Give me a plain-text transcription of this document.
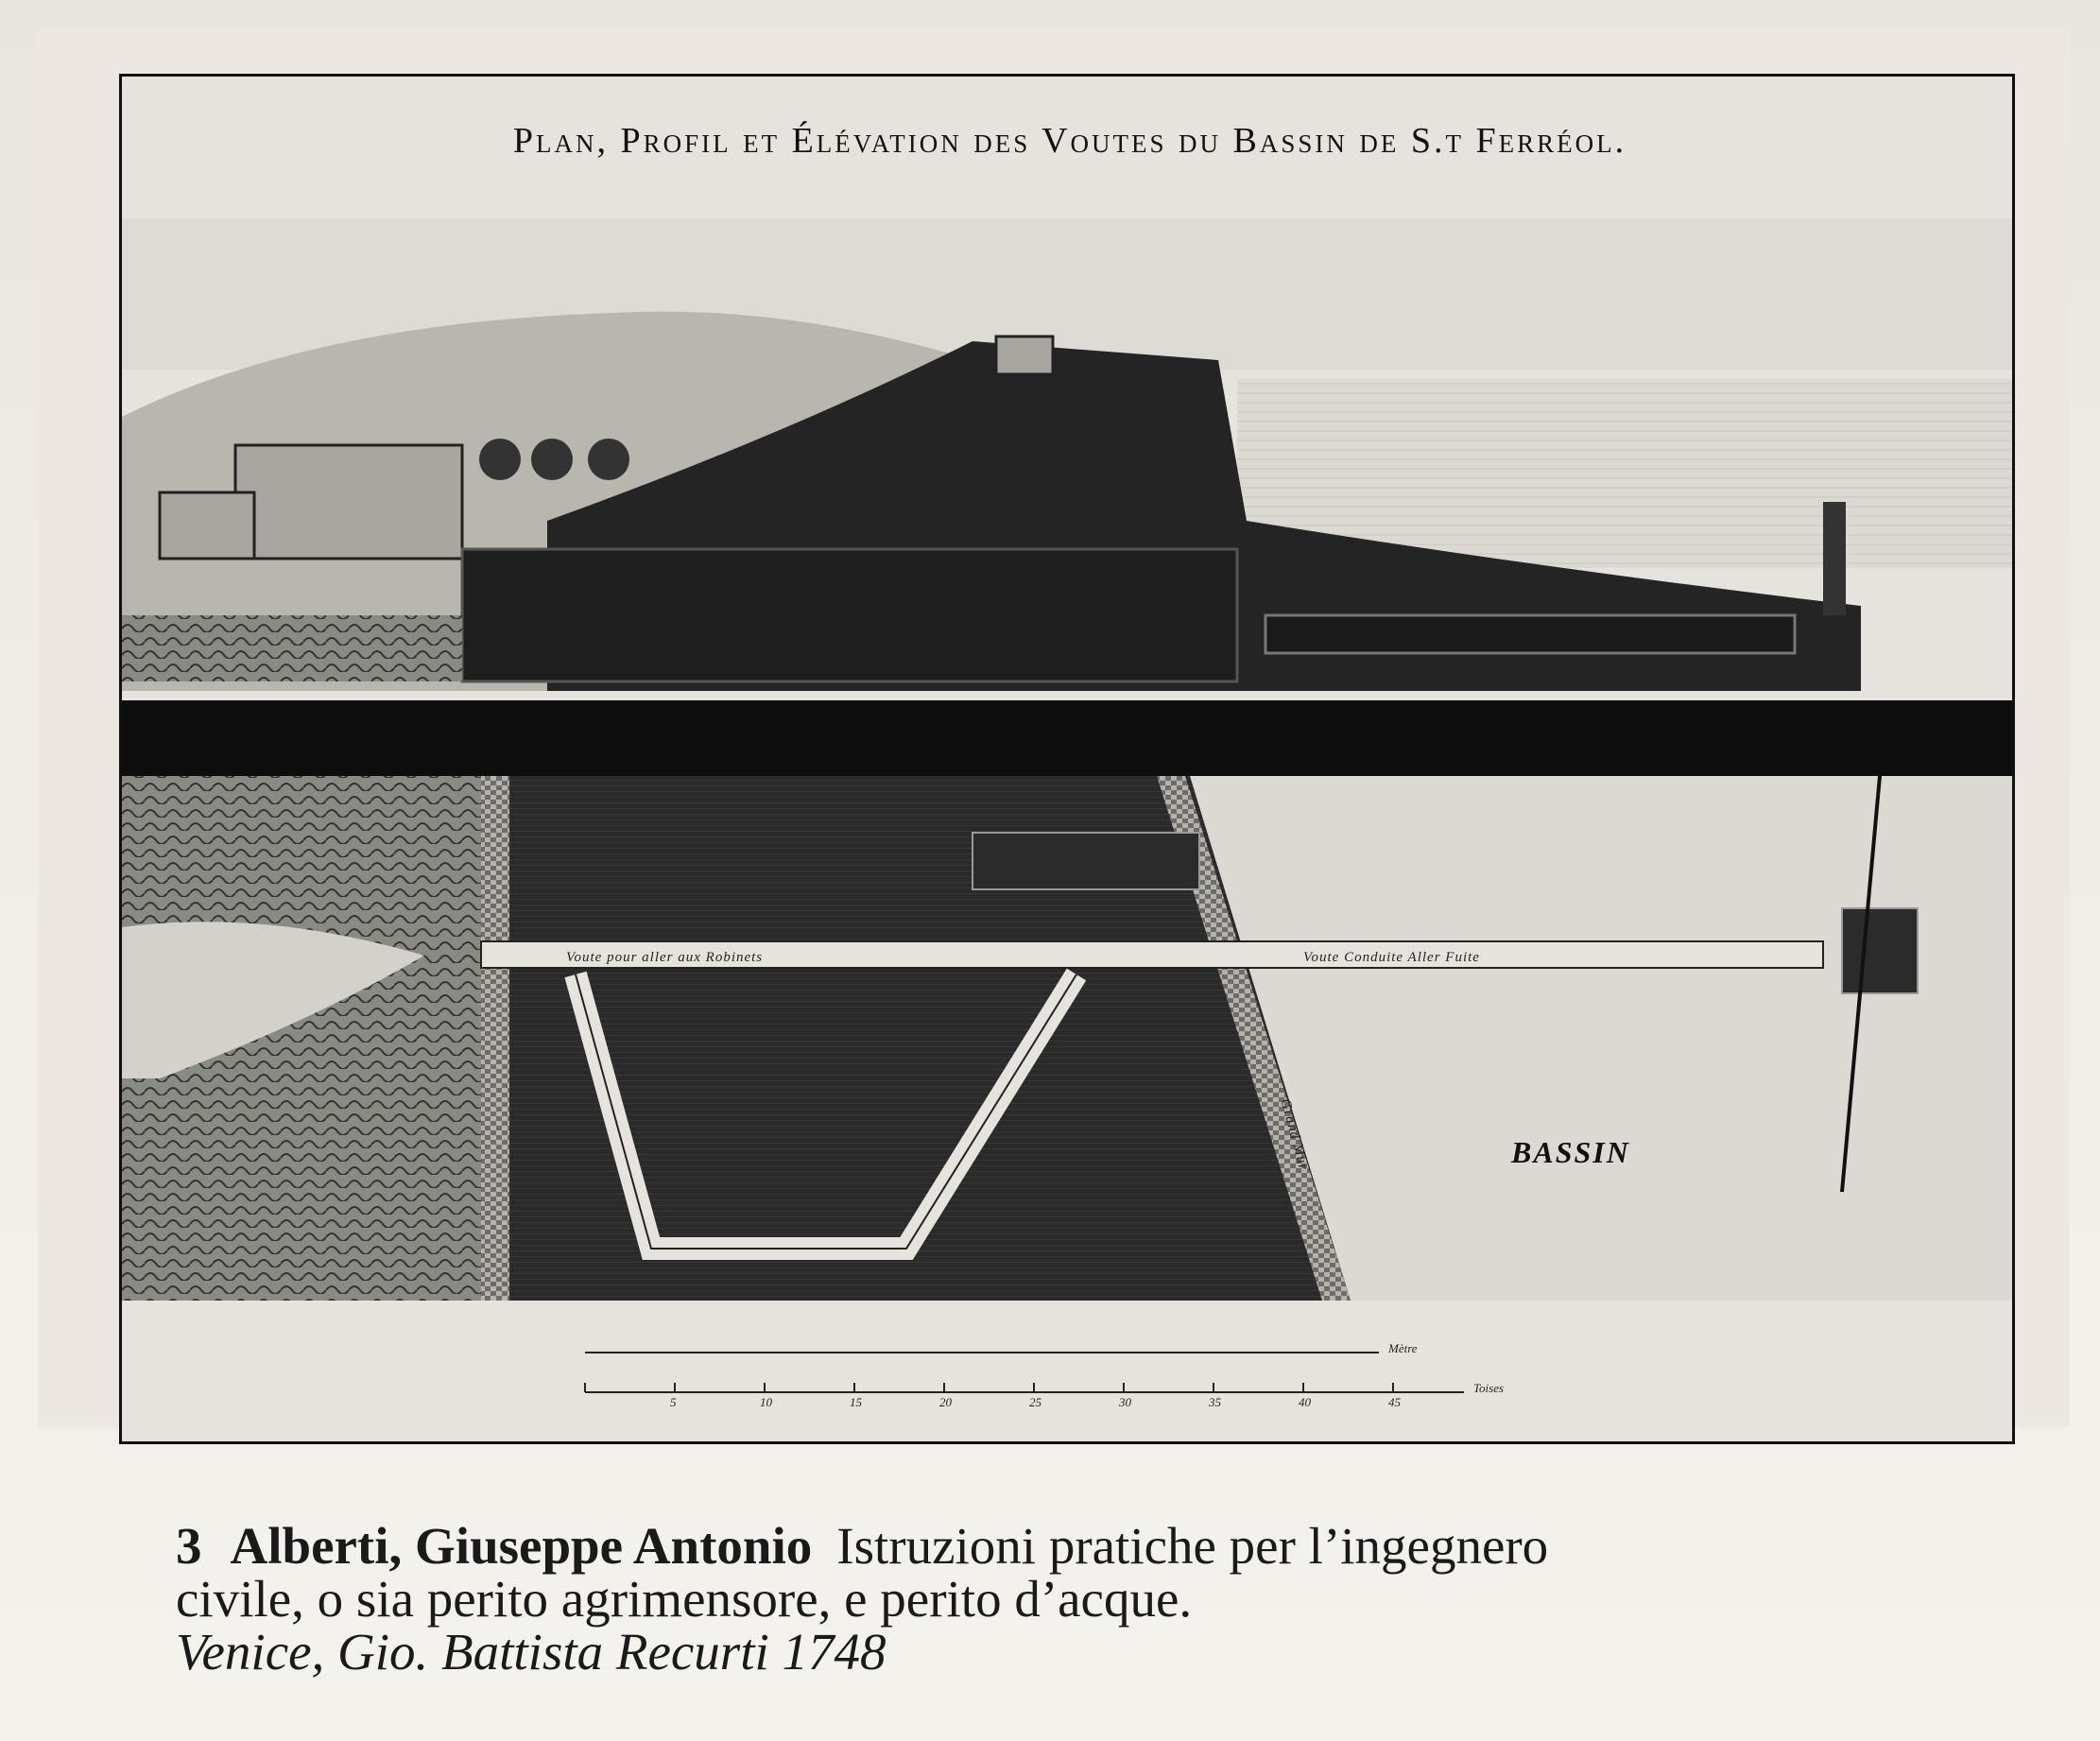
Plan, Profil et Élévation des Voutes du Bassin de S.t Ferréol.
Voute pour aller aux Robinets	Voute Conduite Aller Fuite
Grand Mur	BASSIN
Mètre
Toises
5	10	15	20	25	30	35	40	45
3 Alberti, Giuseppe Antonio Istruzioni pratiche per l’ingegnero
civile, o sia perito agrimensore, e perito d’acque.
Venice, Gio. Battista Recurti 1748
